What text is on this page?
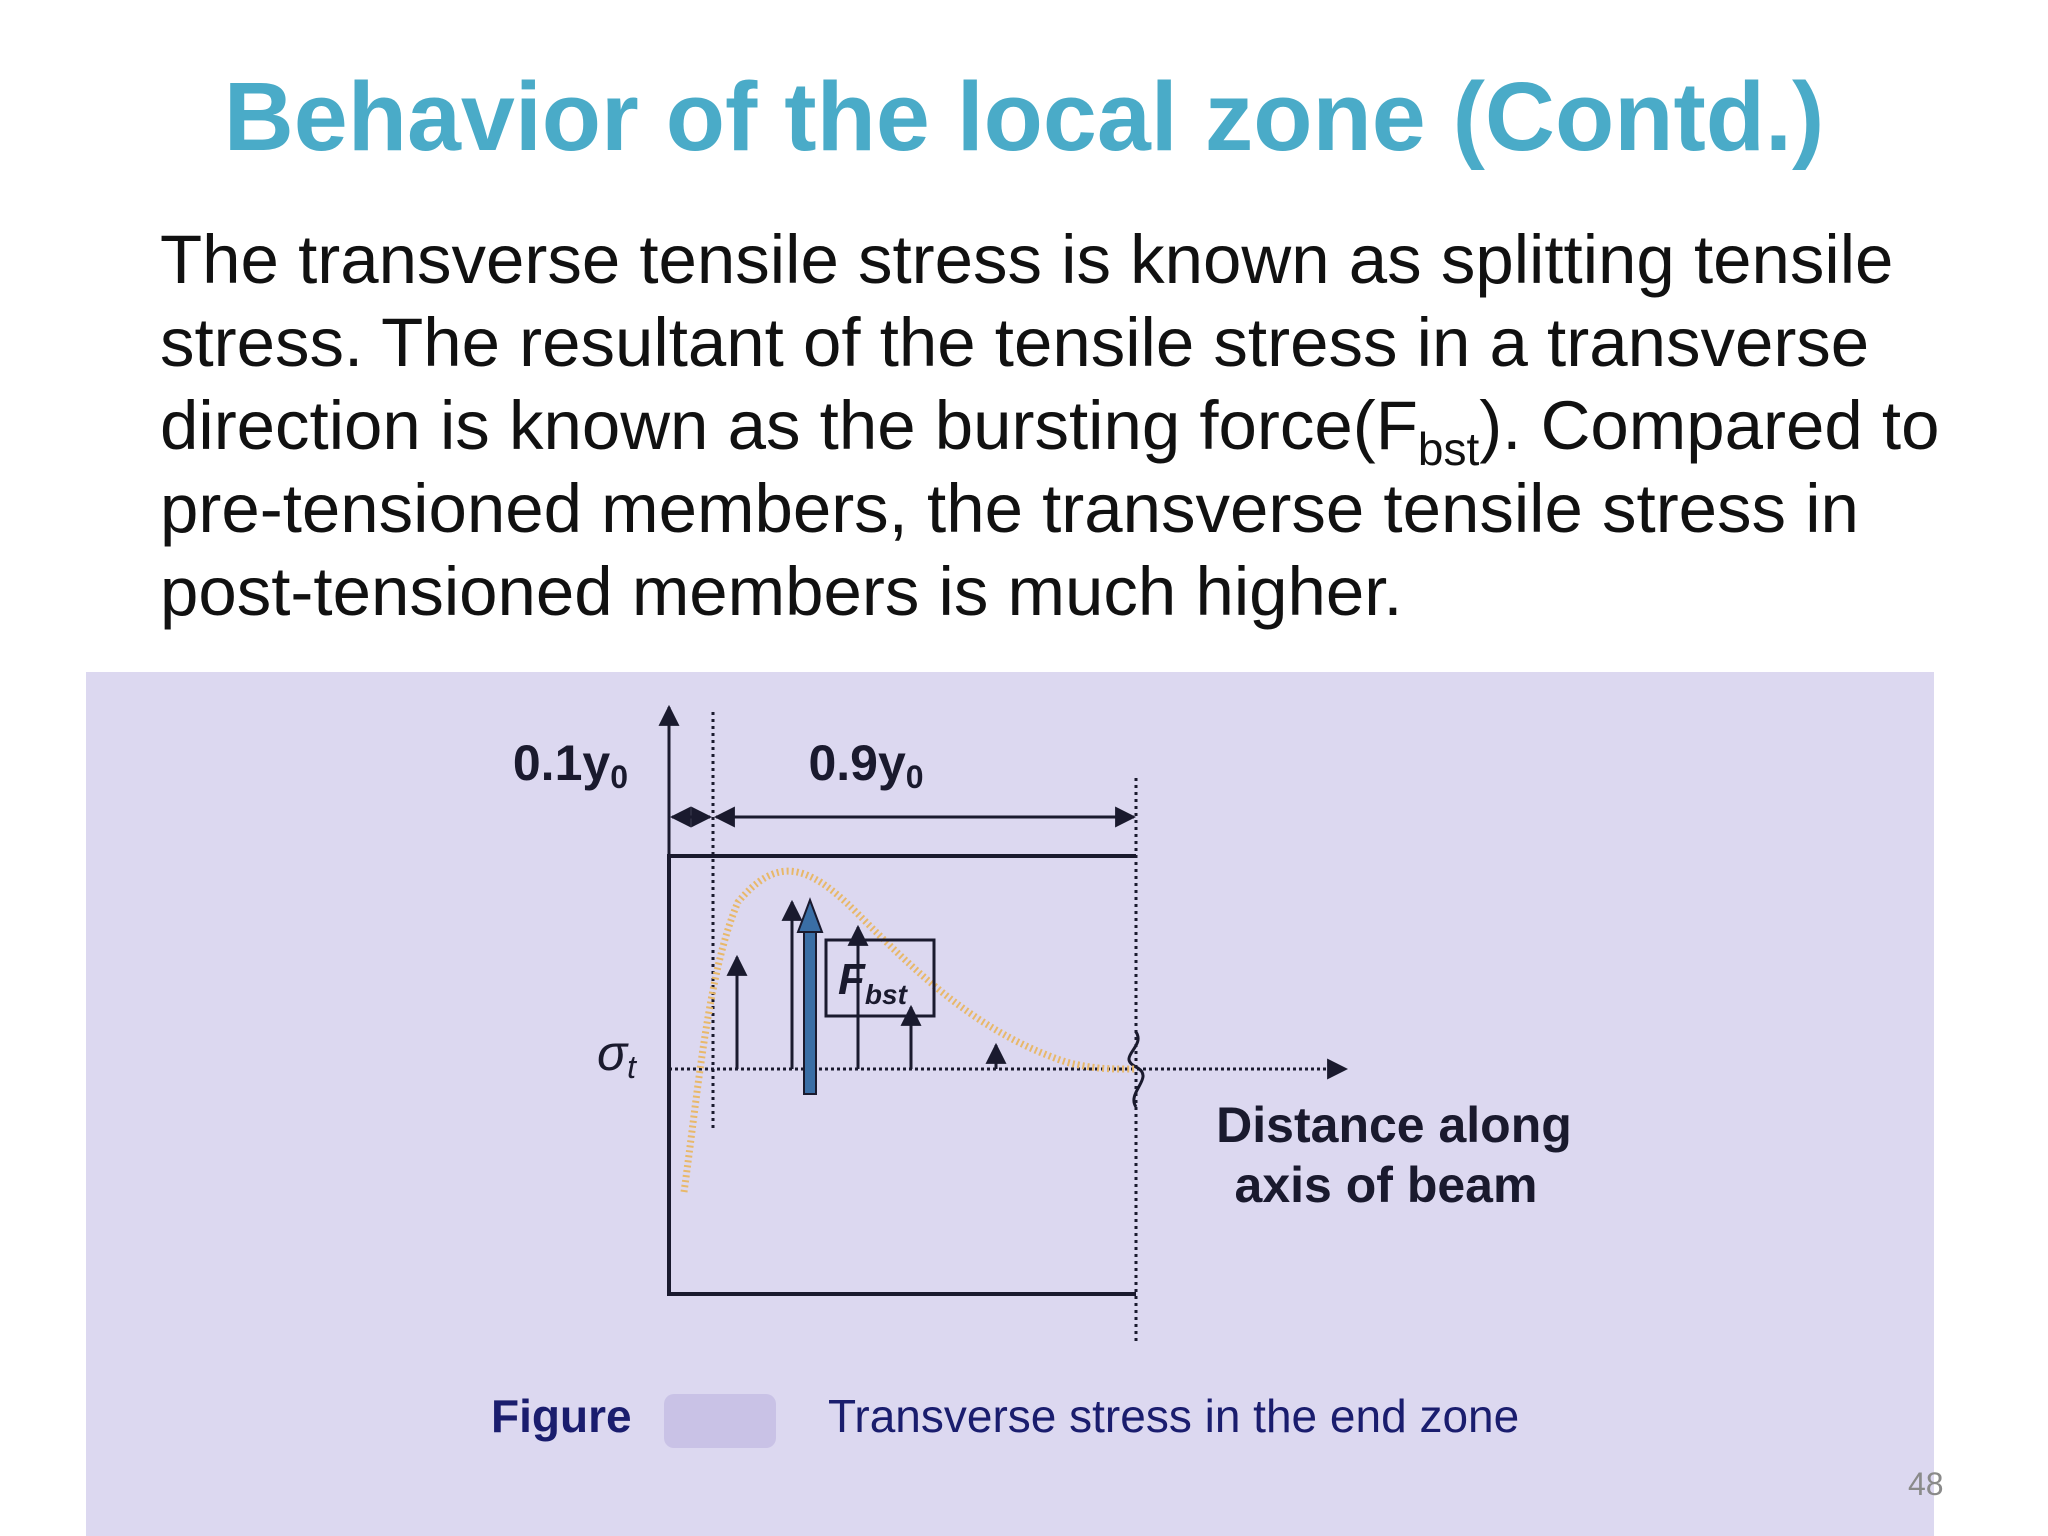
Behavior of the local zone (Contd.)

The transverse tensile stress is known as splitting tensile stress. The resultant of the tensile stress in a transverse direction is known as the bursting $force(F_{bst})$. Compared to pre-tensioned members, the transverse tensile stress in post-tensioned members is much higher.

0.1y0	0.9y0
$F_{bst}$
σt
Distance along
axis of beam
Figure	Transverse stress in the end zone
48
